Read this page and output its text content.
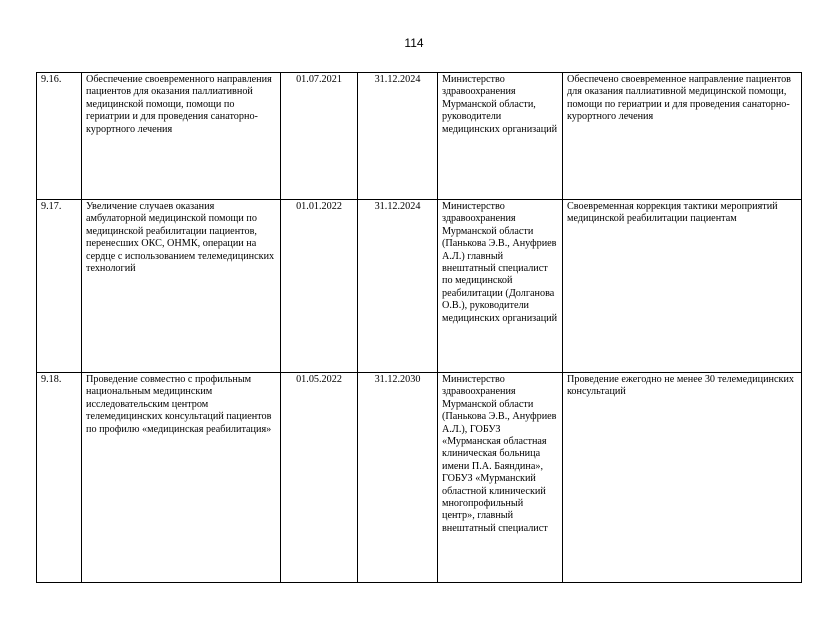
114
9.16.	Обеспечение своевременного направления пациентов для оказания паллиативной медицинской помощи, помощи по гериатрии и для проведения санаторно-курортного лечения	01.07.2021	31.12.2024	Министерство здравоохранения Мурманской области, руководители медицинских организаций	Обеспечено своевременное направление пациентов для оказания паллиативной медицинской помощи, помощи по гериатрии и для проведения санаторно-курортного лечения

9.17.	Увеличение случаев оказания амбулаторной медицинской помощи по медицинской реабилитации пациентов, перенесших ОКС, ОНМК, операции на сердце с использованием телемедицинских технологий	01.01.2022	31.12.2024	Министерство здравоохранения Мурманской области (Панькова Э.В., Ануфриев А.Л.) главный внештатный специалист по медицинской реабилитации (Долганова О.В.), руководители медицинских организаций	Своевременная коррекция тактики мероприятий медицинской реабилитации пациентам

9.18.	Проведение совместно с профильным национальным медицинским исследовательским центром телемедицинских консультаций пациентов по профилю «медицинская реабилитация»	01.05.2022	31.12.2030	Министерство здравоохранения Мурманской области (Панькова Э.В., Ануфриев А.Л.), ГОБУЗ «Мурманская областная клиническая больница имени П.А. Баяндина», ГОБУЗ «Мурманский областной клинический многопрофильный центр», главный внештатный специалист	Проведение ежегодно не менее 30 телемедицинских консультаций
